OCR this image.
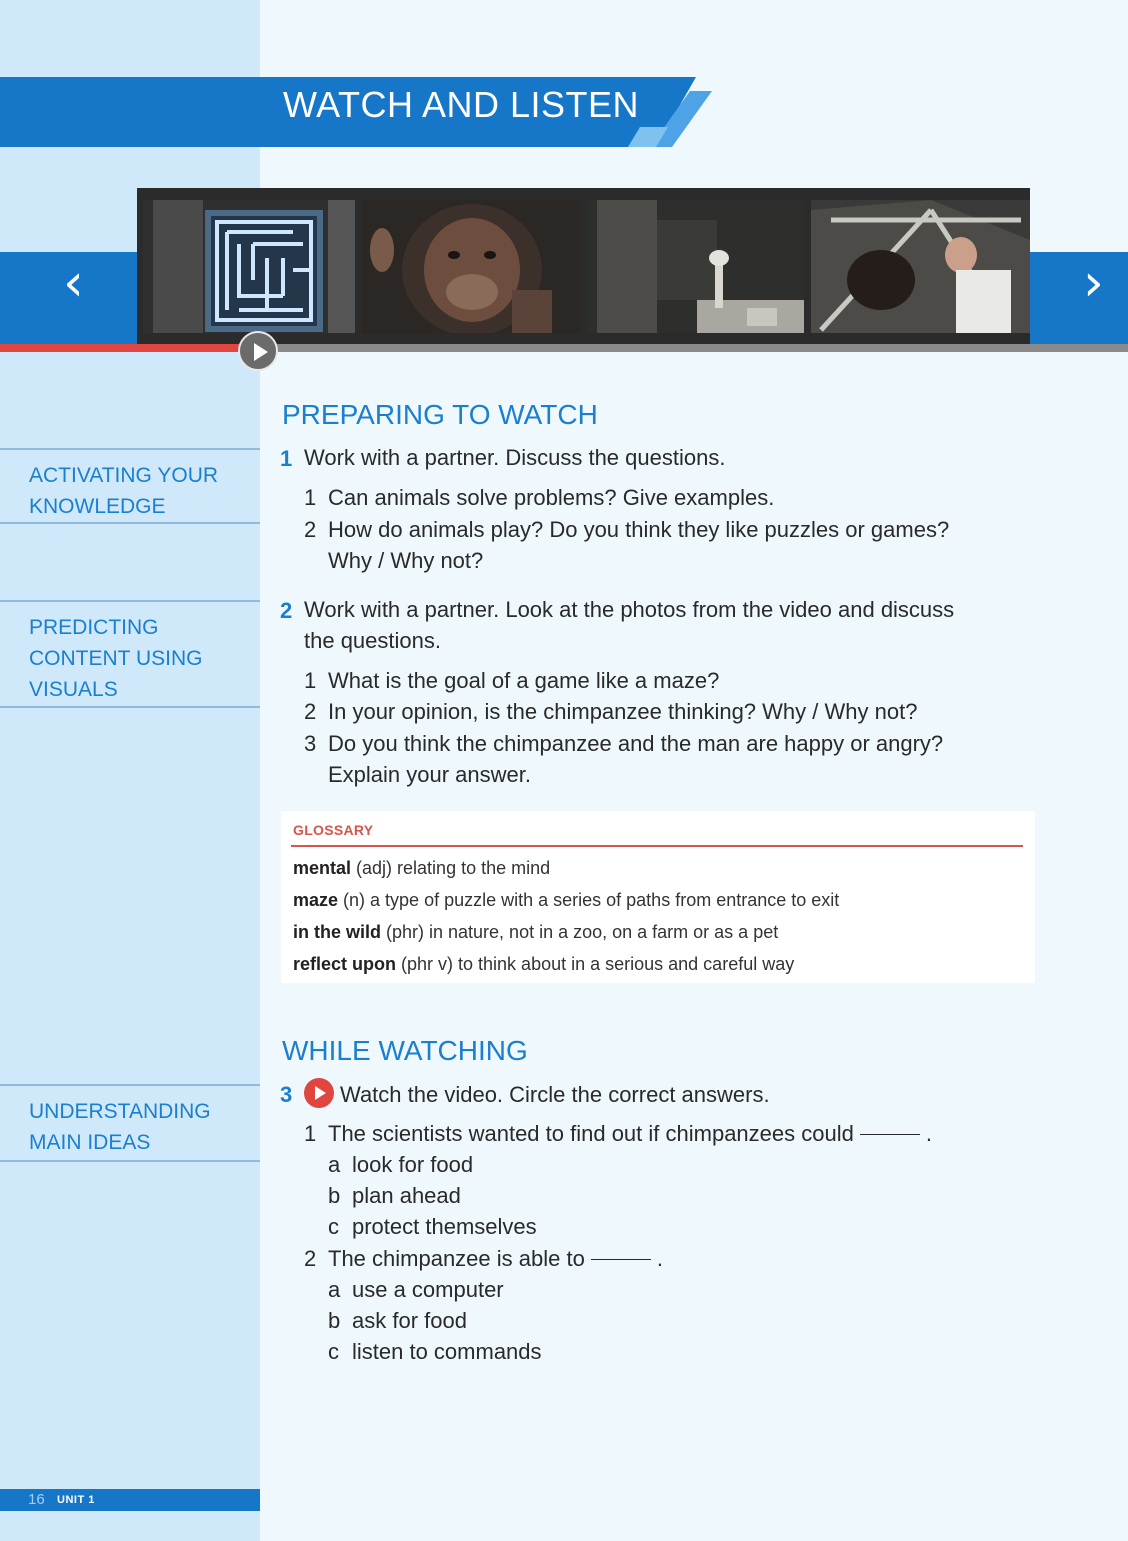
ACTIVATING YOUR
KNOWLEDGE
PREDICTING
CONTENT USING
VISUALS
UNDERSTANDING
MAIN IDEAS
WATCH AND LISTEN
‹	›
PREPARING TO WATCH
1 Work with a partner. Discuss the questions.
1 Can animals solve problems? Give examples.
2 How do animals play? Do you think they like puzzles or games? Why / Why not?
2 Work with a partner. Look at the photos from the video and discuss the questions.
1 What is the goal of a game like a maze?
2 In your opinion, is the chimpanzee thinking? Why / Why not?
3 Do you think the chimpanzee and the man are happy or angry? Explain your answer.
GLOSSARY
mental (adj) relating to the mind
maze (n) a type of puzzle with a series of paths from entrance to exit
in the wild (phr) in nature, not in a zoo, on a farm or as a pet
reflect upon (phr v) to think about in a serious and careful way
WHILE WATCHING
3	Watch the video. Circle the correct answers.
1 The scientists wanted to find out if chimpanzees could	.
a look for food
b plan ahead
c protect themselves
2 The chimpanzee is able to	.
a use a computer
b ask for food
c listen to commands
16 UNIT 1
